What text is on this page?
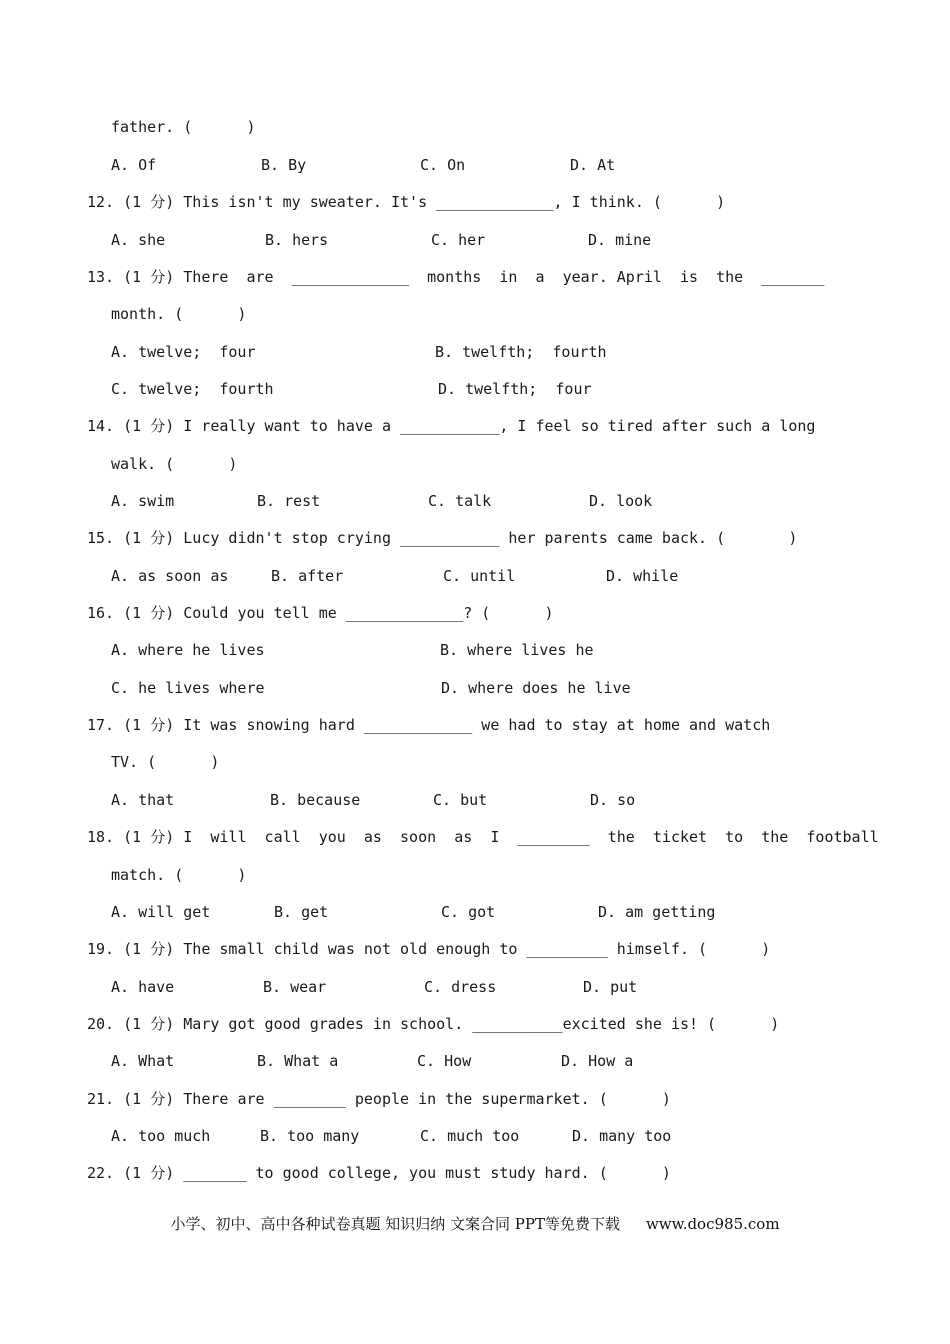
father. (      )
A. Of	B. By	C. On	D. At
12. (1 分) This isn't my sweater. It's _____________, I think. (      )
A. she	B. hers	C. her	D. mine
13. (1 分) There  are  _____________  months  in  a  year. April  is  the  _______
month. (      )
A. twelve;  four	B. twelfth;  fourth
C. twelve;  fourth	D. twelfth;  four
14. (1 分) I really want to have a ___________, I feel so tired after such a long
walk. (      )
A. swim	B. rest	C. talk	D. look
15. (1 分) Lucy didn't stop crying ___________ her parents came back. (       )
A. as soon as	B. after	C. until	D. while
16. (1 分) Could you tell me _____________? (      )
A. where he lives	B. where lives he
C. he lives where	D. where does he live
17. (1 分) It was snowing hard ____________ we had to stay at home and watch
TV. (      )
A. that	B. because	C. but	D. so
18. (1 分) I  will  call  you  as  soon  as  I  ________  the  ticket  to  the  football
match. (      )
A. will get	B. get	C. got	D. am getting
19. (1 分) The small child was not old enough to _________ himself. (      )
A. have	B. wear	C. dress	D. put
20. (1 分) Mary got good grades in school. __________excited she is! (      )
A. What	B. What a	C. How	D. How a
21. (1 分) There are ________ people in the supermarket. (      )
A. too much	B. too many	C. much too	D. many too
22. (1 分) _______ to good college, you must study hard. (      )
小学、初中、高中各种试卷真题 知识归纳 文案合同 PPT等免费下载 www.doc985.com
